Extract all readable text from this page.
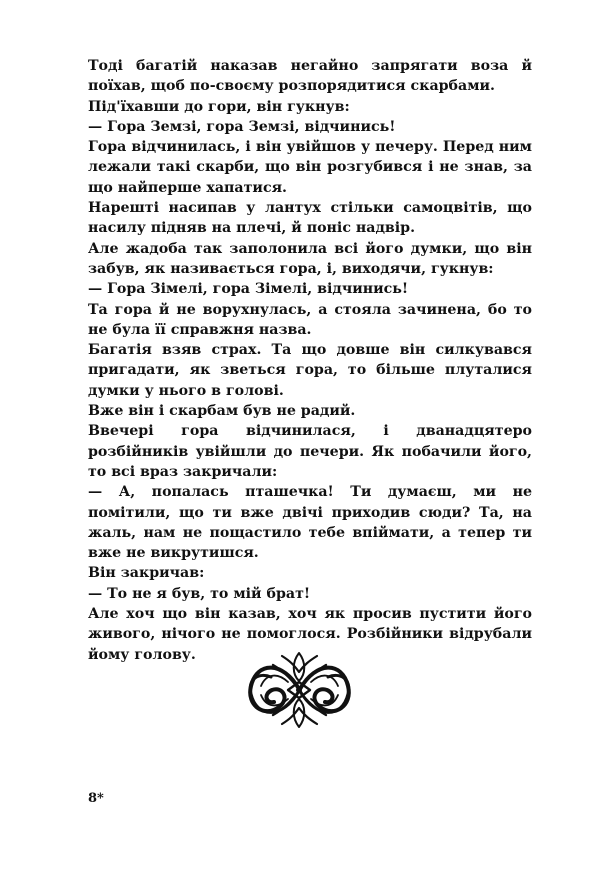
Тоді багатій наказав негайно запрягати воза й поїхав, щоб по-своєму розпорядитися скарбами.

Під'їхавши до гори, він гукнув:

— Гора Земзі, гора Земзі, відчинись!

Гора відчинилась, і він увійшов у печеру. Перед ним лежали такі скарби, що він розгубився і не знав, за що найперше хапатися.

Нарешті насипав у лантух стільки самоцвітів, що насилу підняв на плечі, й поніс надвір.

Але жадоба так заполонила всі його думки, що він забув, як називається гора, і, виходячи, гукнув:

— Гора Зімелі, гора Зімелі, відчинись!

Та гора й не ворухнулась, а стояла зачинена, бо то не була її справжня назва.

Багатія взяв страх. Та що довше він силкувався пригадати, як зветься гора, то більше плуталися думки у нього в голові.

Вже він і скарбам був не радий.

Ввечері гора відчинилася, і дванадцятеро розбійників увійшли до печери. Як побачили його, то всі враз закричали:

— А, попалась пташечка! Ти думаєш, ми не помітили, що ти вже двічі приходив сюди? Та, на жаль, нам не пощастило тебе впіймати, а тепер ти вже не викрутишся.

Він закричав:

— То не я був, то мій брат!

Але хоч що він казав, хоч як просив пустити його живого, нічого не помоглося. Розбійники відрубали йому голову.

8*
